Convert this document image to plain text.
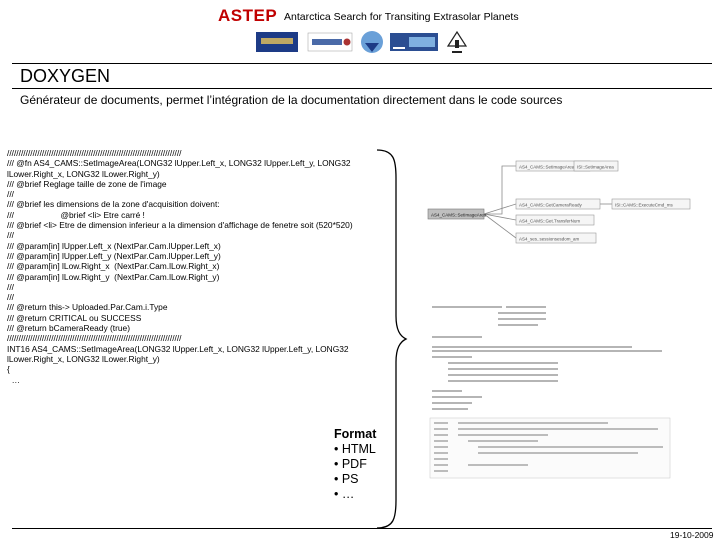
ASTEP Antarctica Search for Transiting Extrasolar Planets
DOXYGEN
Générateur de documents, permet l’intégration de la documentation directement dans le code sources
///////////////////////////////////////////////////////////////////////////
/// @fn AS4_CAMS::SetImageArea(LONG32 lUpper.Left_x, LONG32 lUpper.Left_y, LONG32
lLower.Right_x, LONG32 lLower.Right_y)
/// @brief Reglage taille de zone de l'image
///
/// @brief les dimensions de la zone d'acquisition doivent:
///                    @brief <li> Etre carré !
/// @brief <li> Etre de dimension inferieur a la dimension d'affichage de fenetre soit (520*520)
///
/// @param[in] lUpper.Left_x (NextPar.Cam.lUpper.Left_x)
/// @param[in] lUpper.Left_y (NextPar.Cam.lUpper.Left_y)
/// @param[in] lLow.Right_x  (NextPar.Cam.lLow.Right_x)
/// @param[in] lLow.Right_y  (NextPar.Cam.lLow.Right_y)
///
///
/// @return this-> Uploaded.Par.Cam.i.Type
/// @return CRITICAL ou SUCCESS
/// @return bCameraReady (true)
///////////////////////////////////////////////////////////////////////////
INT16 AS4_CAMS::SetImageArea(LONG32 lUpper.Left_x, LONG32 lUpper.Left_y, LONG32
lLower.Right_x, LONG32 lLower.Right_y)
{
…
AS4_CAMS::SetImageArea ISI::SetImageArea
AS4_CAMS::GetCameraReady
AS4_CAMS::SetImageArea
ISI::CAMS::ExecuteCmd_ms
AS4_CAMS::Get.TransferNum
AS4_ses..sessionsesdom_am
Format
• HTML
• PDF
• PS
• …
19-10-2009
